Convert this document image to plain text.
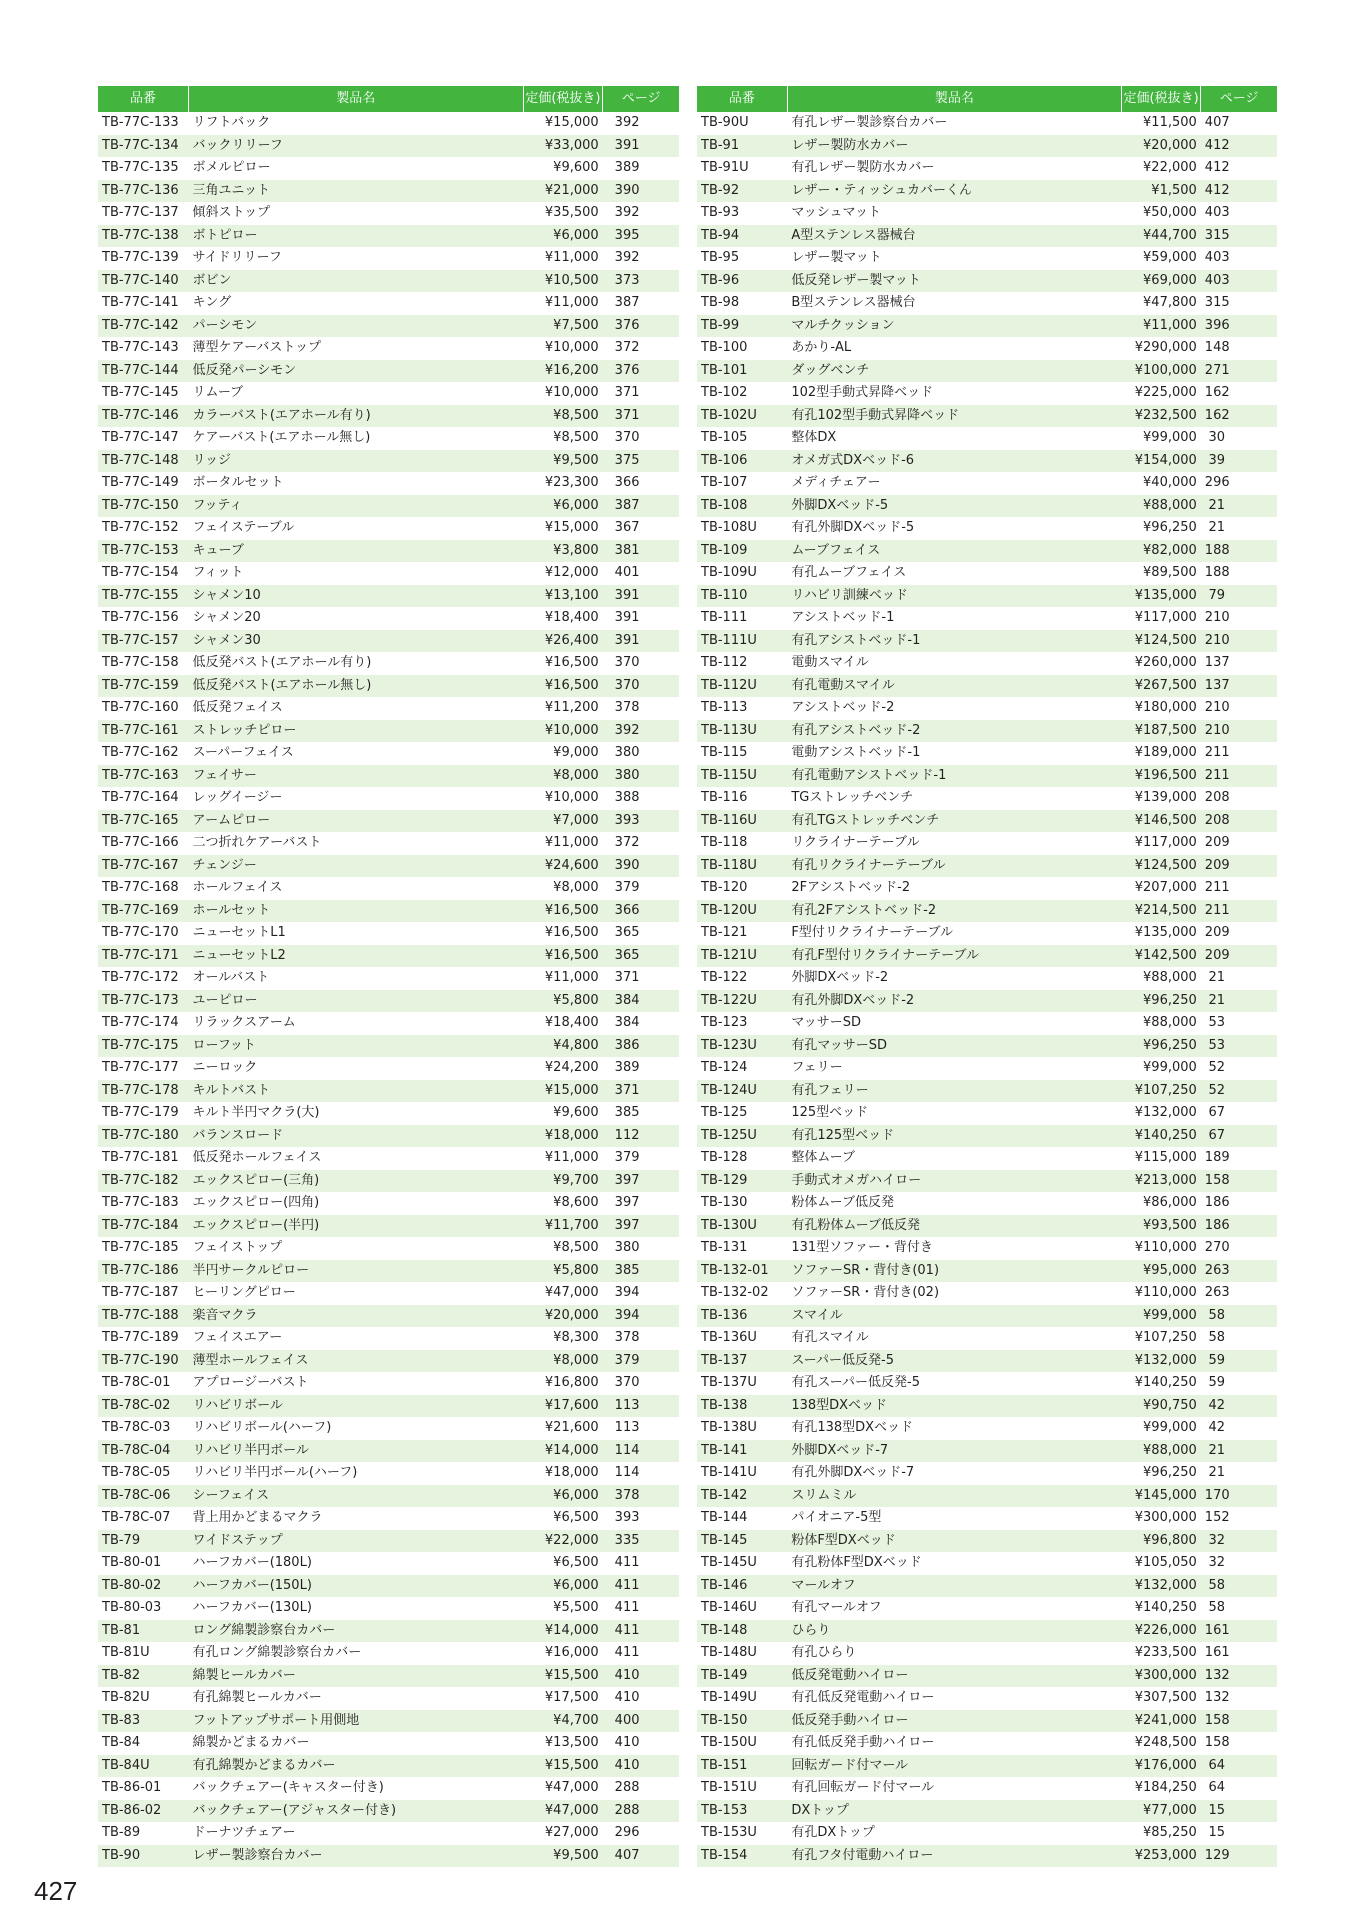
品番	製品名	定価(税抜き)	ページ
TB-77C-133	リフトバック	¥15,000	392
TB-77C-134	バックリリーフ	¥33,000	391
TB-77C-135	ボメルピロー	¥9,600	389
TB-77C-136	三角ユニット	¥21,000	390
TB-77C-137	傾斜ストップ	¥35,500	392
TB-77C-138	ボトピロー	¥6,000	395
TB-77C-139	サイドリリーフ	¥11,000	392
TB-77C-140	ボビン	¥10,500	373
TB-77C-141	キング	¥11,000	387
TB-77C-142	パーシモン	¥7,500	376
TB-77C-143	薄型ケアーバストップ	¥10,000	372
TB-77C-144	低反発パーシモン	¥16,200	376
TB-77C-145	リムーブ	¥10,000	371
TB-77C-146	カラーバスト(エアホール有り)	¥8,500	371
TB-77C-147	ケアーバスト(エアホール無し)	¥8,500	370
TB-77C-148	リッジ	¥9,500	375
TB-77C-149	ボータルセット	¥23,300	366
TB-77C-150	フッティ	¥6,000	387
TB-77C-152	フェイステーブル	¥15,000	367
TB-77C-153	キューブ	¥3,800	381
TB-77C-154	フィット	¥12,000	401
TB-77C-155	シャメン10	¥13,100	391
TB-77C-156	シャメン20	¥18,400	391
TB-77C-157	シャメン30	¥26,400	391
TB-77C-158	低反発バスト(エアホール有り)	¥16,500	370
TB-77C-159	低反発バスト(エアホール無し)	¥16,500	370
TB-77C-160	低反発フェイス	¥11,200	378
TB-77C-161	ストレッチピロー	¥10,000	392
TB-77C-162	スーパーフェイス	¥9,000	380
TB-77C-163	フェイサー	¥8,000	380
TB-77C-164	レッグイージー	¥10,000	388
TB-77C-165	アームピロー	¥7,000	393
TB-77C-166	二つ折れケアーバスト	¥11,000	372
TB-77C-167	チェンジー	¥24,600	390
TB-77C-168	ホールフェイス	¥8,000	379
TB-77C-169	ホールセット	¥16,500	366
TB-77C-170	ニューセットL1	¥16,500	365
TB-77C-171	ニューセットL2	¥16,500	365
TB-77C-172	オールバスト	¥11,000	371
TB-77C-173	ユーピロー	¥5,800	384
TB-77C-174	リラックスアーム	¥18,400	384
TB-77C-175	ローフット	¥4,800	386
TB-77C-177	ニーロック	¥24,200	389
TB-77C-178	キルトバスト	¥15,000	371
TB-77C-179	キルト半円マクラ(大)	¥9,600	385
TB-77C-180	バランスロード	¥18,000	112
TB-77C-181	低反発ホールフェイス	¥11,000	379
TB-77C-182	エックスピロー(三角)	¥9,700	397
TB-77C-183	エックスピロー(四角)	¥8,600	397
TB-77C-184	エックスピロー(半円)	¥11,700	397
TB-77C-185	フェイストップ	¥8,500	380
TB-77C-186	半円サークルピロー	¥5,800	385
TB-77C-187	ヒーリングピロー	¥47,000	394
TB-77C-188	楽音マクラ	¥20,000	394
TB-77C-189	フェイスエアー	¥8,300	378
TB-77C-190	薄型ホールフェイス	¥8,000	379
TB-78C-01	アプロージーバスト	¥16,800	370
TB-78C-02	リハビリボール	¥17,600	113
TB-78C-03	リハビリボール(ハーフ)	¥21,600	113
TB-78C-04	リハビリ半円ボール	¥14,000	114
TB-78C-05	リハビリ半円ボール(ハーフ)	¥18,000	114
TB-78C-06	シーフェイス	¥6,000	378
TB-78C-07	背上用かどまるマクラ	¥6,500	393
TB-79	ワイドステップ	¥22,000	335
TB-80-01	ハーフカバー(180L)	¥6,500	411
TB-80-02	ハーフカバー(150L)	¥6,000	411
TB-80-03	ハーフカバー(130L)	¥5,500	411
TB-81	ロング綿製診察台カバー	¥14,000	411
TB-81U	有孔ロング綿製診察台カバー	¥16,000	411
TB-82	綿製ヒールカバー	¥15,500	410
TB-82U	有孔綿製ヒールカバー	¥17,500	410
TB-83	フットアップサポート用側地	¥4,700	400
TB-84	綿製かどまるカバー	¥13,500	410
TB-84U	有孔綿製かどまるカバー	¥15,500	410
TB-86-01	バックチェアー(キャスター付き)	¥47,000	288
TB-86-02	バックチェアー(アジャスター付き)	¥47,000	288
TB-89	ドーナツチェアー	¥27,000	296
TB-90	レザー製診察台カバー	¥9,500	407
品番	製品名	定価(税抜き)	ページ
TB-90U	有孔レザー製診察台カバー	¥11,500	407
TB-91	レザー製防水カバー	¥20,000	412
TB-91U	有孔レザー製防水カバー	¥22,000	412
TB-92	レザー・ティッシュカバーくん	¥1,500	412
TB-93	マッシュマット	¥50,000	403
TB-94	A型ステンレス器械台	¥44,700	315
TB-95	レザー製マット	¥59,000	403
TB-96	低反発レザー製マット	¥69,000	403
TB-98	B型ステンレス器械台	¥47,800	315
TB-99	マルチクッション	¥11,000	396
TB-100	あかり-AL	¥290,000	148
TB-101	ダッグベンチ	¥100,000	271
TB-102	102型手動式昇降ベッド	¥225,000	162
TB-102U	有孔102型手動式昇降ベッド	¥232,500	162
TB-105	整体DX	¥99,000	30
TB-106	オメガ式DXベッド-6	¥154,000	39
TB-107	メディチェアー	¥40,000	296
TB-108	外脚DXベッド-5	¥88,000	21
TB-108U	有孔外脚DXベッド-5	¥96,250	21
TB-109	ムーブフェイス	¥82,000	188
TB-109U	有孔ムーブフェイス	¥89,500	188
TB-110	リハビリ訓練ベッド	¥135,000	79
TB-111	アシストベッド-1	¥117,000	210
TB-111U	有孔アシストベッド-1	¥124,500	210
TB-112	電動スマイル	¥260,000	137
TB-112U	有孔電動スマイル	¥267,500	137
TB-113	アシストベッド-2	¥180,000	210
TB-113U	有孔アシストベッド-2	¥187,500	210
TB-115	電動アシストベッド-1	¥189,000	211
TB-115U	有孔電動アシストベッド-1	¥196,500	211
TB-116	TGストレッチベンチ	¥139,000	208
TB-116U	有孔TGストレッチベンチ	¥146,500	208
TB-118	リクライナーテーブル	¥117,000	209
TB-118U	有孔リクライナーテーブル	¥124,500	209
TB-120	2Fアシストベッド-2	¥207,000	211
TB-120U	有孔2Fアシストベッド-2	¥214,500	211
TB-121	F型付リクライナーテーブル	¥135,000	209
TB-121U	有孔F型付リクライナーテーブル	¥142,500	209
TB-122	外脚DXベッド-2	¥88,000	21
TB-122U	有孔外脚DXベッド-2	¥96,250	21
TB-123	マッサーSD	¥88,000	53
TB-123U	有孔マッサーSD	¥96,250	53
TB-124	フェリー	¥99,000	52
TB-124U	有孔フェリー	¥107,250	52
TB-125	125型ベッド	¥132,000	67
TB-125U	有孔125型ベッド	¥140,250	67
TB-128	整体ムーブ	¥115,000	189
TB-129	手動式オメガハイロー	¥213,000	158
TB-130	粉体ムーブ低反発	¥86,000	186
TB-130U	有孔粉体ムーブ低反発	¥93,500	186
TB-131	131型ソファー・背付き	¥110,000	270
TB-132-01	ソファーSR・背付き(01)	¥95,000	263
TB-132-02	ソファーSR・背付き(02)	¥110,000	263
TB-136	スマイル	¥99,000	58
TB-136U	有孔スマイル	¥107,250	58
TB-137	スーパー低反発-5	¥132,000	59
TB-137U	有孔スーパー低反発-5	¥140,250	59
TB-138	138型DXベッド	¥90,750	42
TB-138U	有孔138型DXベッド	¥99,000	42
TB-141	外脚DXベッド-7	¥88,000	21
TB-141U	有孔外脚DXベッド-7	¥96,250	21
TB-142	スリムミル	¥145,000	170
TB-144	パイオニア-5型	¥300,000	152
TB-145	粉体F型DXベッド	¥96,800	32
TB-145U	有孔粉体F型DXベッド	¥105,050	32
TB-146	マールオフ	¥132,000	58
TB-146U	有孔マールオフ	¥140,250	58
TB-148	ひらり	¥226,000	161
TB-148U	有孔ひらり	¥233,500	161
TB-149	低反発電動ハイロー	¥300,000	132
TB-149U	有孔低反発電動ハイロー	¥307,500	132
TB-150	低反発手動ハイロー	¥241,000	158
TB-150U	有孔低反発手動ハイロー	¥248,500	158
TB-151	回転ガード付マール	¥176,000	64
TB-151U	有孔回転ガード付マール	¥184,250	64
TB-153	DXトップ	¥77,000	15
TB-153U	有孔DXトップ	¥85,250	15
TB-154	有孔フタ付電動ハイロー	¥253,000	129
427
